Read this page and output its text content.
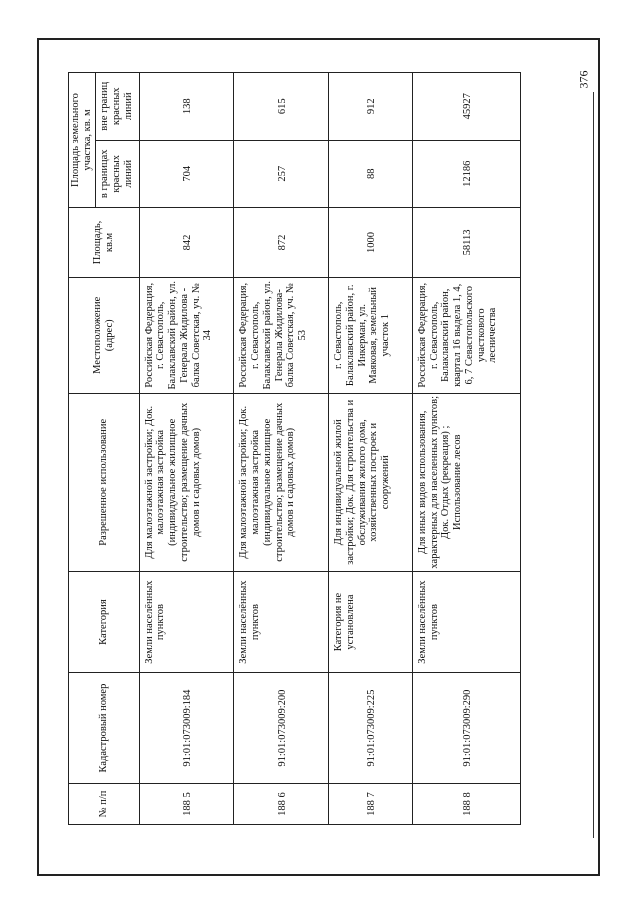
376
№ п/п	Кадастровый номер	Категория	Разрешенное использование	Местоположение (адрес)	Площадь, кв.м	Площадь земельного участка, кв. м	
						в границах красных линий	вне границ красных линий
188 5	91:01:073009:184	Земли населённых пунктов	Для малоэтажной застройки; Док. малоэтажная застройка (индивидуальное жилищное строительство; размещение дачных домов и садовых домов)	Российская Федерация, г. Севастополь, Балаклавский район, ул. Генерала Жидилова - балка Советская, уч. № 34	842	704	138
188 6	91:01:073009:200	Земли населённых пунктов	Для малоэтажной застройки; Док. малоэтажная застройка (индивидуальное жилищное строительство; размещение дачных домов и садовых домов)	Российская Федерация, г. Севастополь, Балаклавский район, ул. Генерала Жидилова-балка Советская, уч. № 53	872	257	615
188 7	91:01:073009:225	Категория не установлена	Для индивидуальной жилой застройки; Док. Для строительства и обслуживания жилого дома, хозяйственных построек и сооружений	г. Севастополь, Балаклавский район, г. Инкерман, ул. Маяковая, земельный участок 1	1000	88	912
188 8	91:01:073009:290	Земли населённых пунктов	Для иных видов использования, характерных для населенных пунктов; Док. Отдых (рекреация) ; Использование лесов	Российская Федерация, г. Севастополь, Балаклавский район, квартал 16 выдела 1, 4, 6, 7 Севастопольского участкового лесничества	58113	12186	45927
